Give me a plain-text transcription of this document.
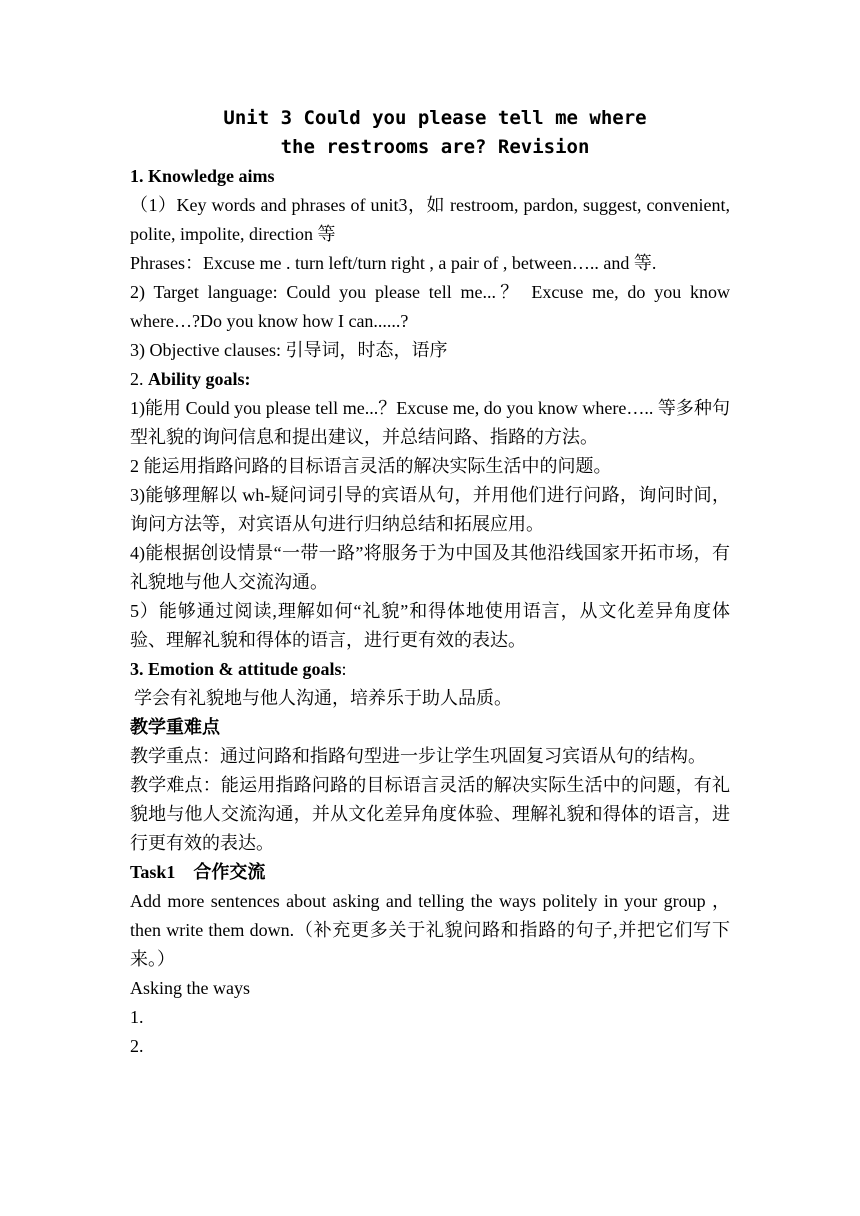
Unit 3 Could you please tell me where
the restrooms are? Revision

1. Knowledge aims

（1）Key words and phrases of unit3，如 restroom, pardon, suggest, convenient, polite, impolite, direction 等

Phrases：Excuse me . turn left/turn right , a pair of , between….. and 等.

2) Target language: Could you please tell me...？ Excuse me, do you know where…?Do you know how I can......?

3) Objective clauses: 引导词，时态，语序

2. Ability goals:

1)能用 Could you please tell me...？Excuse me, do you know where….. 等多种句型礼貌的询问信息和提出建议，并总结问路、指路的方法。

2 能运用指路问路的目标语言灵活的解决实际生活中的问题。

3)能够理解以 wh-疑问词引导的宾语从句，并用他们进行问路，询问时间，询问方法等，对宾语从句进行归纳总结和拓展应用。

4)能根据创设情景“一带一路”将服务于为中国及其他沿线国家开拓市场，有礼貌地与他人交流沟通。

5）能够通过阅读,理解如何“礼貌”和得体地使用语言，从文化差异角度体验、理解礼貌和得体的语言，进行更有效的表达。

3. Emotion & attitude goals:

学会有礼貌地与他人沟通，培养乐于助人品质。

教学重难点

教学重点：通过问路和指路句型进一步让学生巩固复习宾语从句的结构。

教学难点：能运用指路问路的目标语言灵活的解决实际生活中的问题，有礼貌地与他人交流沟通，并从文化差异角度体验、理解礼貌和得体的语言，进行更有效的表达。

Task1　合作交流

Add more sentences about asking and telling the ways politely in your group ，then write them down.（补充更多关于礼貌问路和指路的句子,并把它们写下来。）

Asking the ways

1.

2.
